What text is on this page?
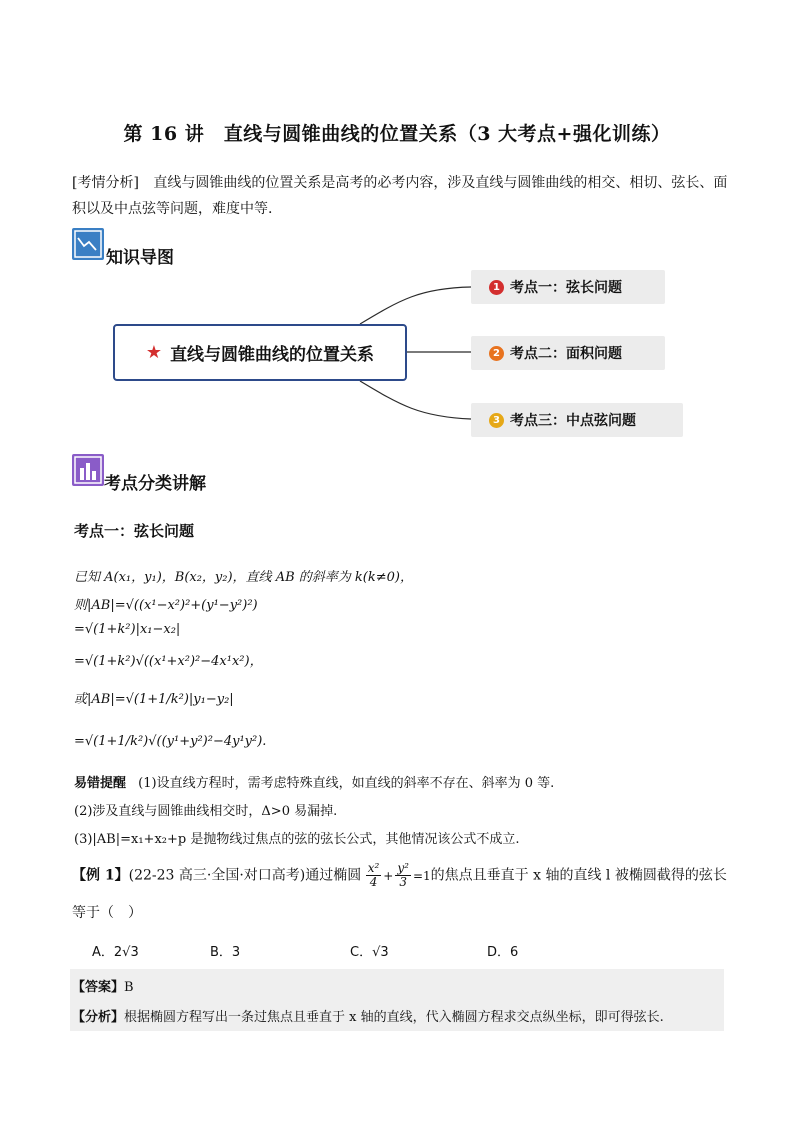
第 16 讲　直线与圆锥曲线的位置关系（3 大考点+强化训练）
[考情分析] 直线与圆锥曲线的位置关系是高考的必考内容，涉及直线与圆锥曲线的相交、相切、弦长、面积以及中点弦等问题，难度中等.
知识导图
★ 直线与圆锥曲线的位置关系
1 考点一：弦长问题
2 考点二：面积问题
3 考点三：中点弦问题
考点分类讲解
考点一：弦长问题
已知 A(x₁，y₁)，B(x₂，y₂)，直线 AB 的斜率为 k(k≠0)，
则|AB|=√((x¹−x²)²+(y¹−y²)²)
=√(1+k²)|x₁−x₂|
=√(1+k²)√((x¹+x²)²−4x¹x²)，
或|AB|=√(1+1/k²)|y₁−y₂|
=√(1+1/k²)√((y¹+y²)²−4y¹y²).
易错提醒 (1)设直线方程时，需考虑特殊直线，如直线的斜率不存在、斜率为 0 等.
(2)涉及直线与圆锥曲线相交时，Δ>0 易漏掉.
(3)|AB|=x₁+x₂+p 是抛物线过焦点的弦的弦长公式，其他情况该公式不成立.
【例 1】(22-23 高三·全国·对口高考)通过椭圆 x²
$4 + \frac{\text{y²}}{3} =1$ 的焦点且垂直于 x 轴的直线 l 被椭圆截得的弦长
等于（　）
A．2√3	B．3	C．√3	D．6
【答案】B
【分析】根据椭圆方程写出一条过焦点且垂直于 x 轴的直线，代入椭圆方程求交点纵坐标，即可得弦长.
